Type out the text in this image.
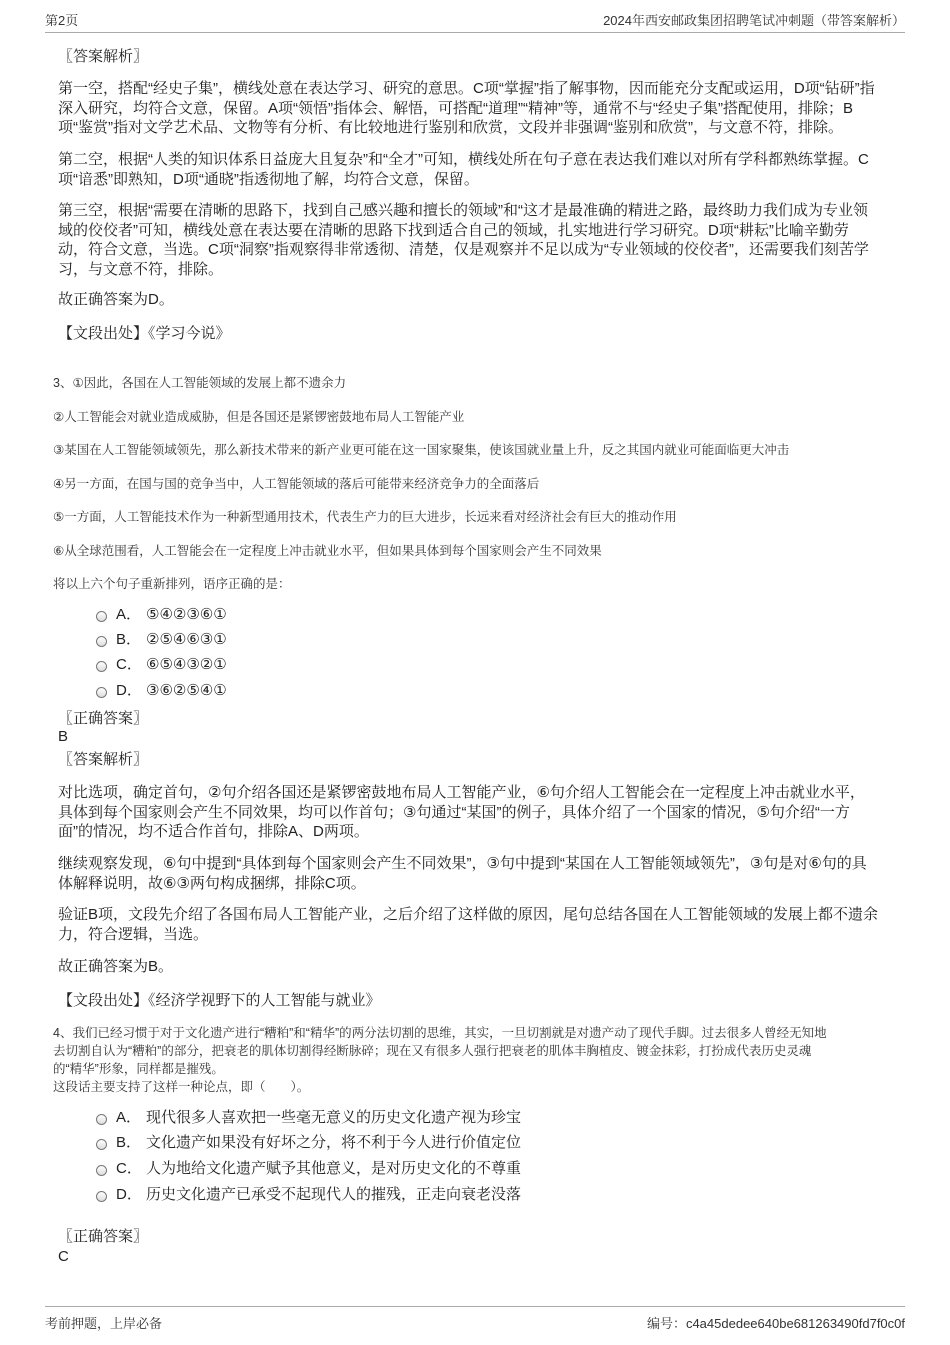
第2页	2024年西安邮政集团招聘笔试冲刺题（带答案解析）
〖答案解析〗
第一空，搭配“经史子集”，横线处意在表达学习、研究的意思。C项“掌握”指了解事物，因而能充分支配或运用，D项“钻研”指
深入研究，均符合文意，保留。A项“领悟”指体会、解悟，可搭配“道理”“精神”等，通常不与“经史子集”搭配使用，排除；B
项“鉴赏”指对文学艺术品、文物等有分析、有比较地进行鉴别和欣赏，文段并非强调“鉴别和欣赏”，与文意不符，排除。
第二空，根据“人类的知识体系日益庞大且复杂”和“全才”可知，横线处所在句子意在表达我们难以对所有学科都熟练掌握。C
项“谙悉”即熟知，D项“通晓”指透彻地了解，均符合文意，保留。
第三空，根据“需要在清晰的思路下，找到自己感兴趣和擅长的领域”和“这才是最准确的精进之路，最终助力我们成为专业领
域的佼佼者”可知，横线处意在表达要在清晰的思路下找到适合自己的领域，扎实地进行学习研究。D项“耕耘”比喻辛勤劳
动，符合文意，当选。C项“洞察”指观察得非常透彻、清楚，仅是观察并不足以成为“专业领域的佼佼者”，还需要我们刻苦学
习，与文意不符，排除。
故正确答案为D。
【文段出处】《学习今说》
3、①因此，各国在人工智能领域的发展上都不遗余力
②人工智能会对就业造成威胁，但是各国还是紧锣密鼓地布局人工智能产业
③某国在人工智能领域领先，那么新技术带来的新产业更可能在这一国家聚集，使该国就业量上升，反之其国内就业可能面临更大冲击
④另一方面，在国与国的竞争当中，人工智能领域的落后可能带来经济竞争力的全面落后
⑤一方面，人工智能技术作为一种新型通用技术，代表生产力的巨大进步，长远来看对经济社会有巨大的推动作用
⑥从全球范围看，人工智能会在一定程度上冲击就业水平，但如果具体到每个国家则会产生不同效果
将以上六个句子重新排列，语序正确的是：
A． ⑤④②③⑥①
B． ②⑤④⑥③①
C． ⑥⑤④③②①
D． ③⑥②⑤④①
〖正确答案〗
B
〖答案解析〗
对比选项，确定首句，②句介绍各国还是紧锣密鼓地布局人工智能产业，⑥句介绍人工智能会在一定程度上冲击就业水平，
具体到每个国家则会产生不同效果，均可以作首句；③句通过“某国”的例子，具体介绍了一个国家的情况，⑤句介绍“一方
面”的情况，均不适合作首句，排除A、D两项。
继续观察发现，⑥句中提到“具体到每个国家则会产生不同效果”，③句中提到“某国在人工智能领域领先”，③句是对⑥句的具
体解释说明，故⑥③两句构成捆绑，排除C项。
验证B项，文段先介绍了各国布局人工智能产业，之后介绍了这样做的原因，尾句总结各国在人工智能领域的发展上都不遗余
力，符合逻辑，当选。
故正确答案为B。
【文段出处】《经济学视野下的人工智能与就业》
4、我们已经习惯于对于文化遗产进行“糟粕”和“精华”的两分法切割的思维，其实，一旦切割就是对遗产动了现代手脚。过去很多人曾经无知地
去切割自认为“糟粕”的部分，把衰老的肌体切割得经断脉碎；现在又有很多人强行把衰老的肌体丰胸植皮、镀金抹彩，打扮成代表历史灵魂
的“精华”形象，同样都是摧残。
这段话主要支持了这样一种论点，即（　　）。
A． 现代很多人喜欢把一些毫无意义的历史文化遗产视为珍宝
B． 文化遗产如果没有好坏之分，将不利于今人进行价值定位
C． 人为地给文化遗产赋予其他意义，是对历史文化的不尊重
D． 历史文化遗产已承受不起现代人的摧残，正走向衰老没落
〖正确答案〗
C
考前押题，上岸必备	编号：c4a45dedee640be681263490fd7f0c0f
